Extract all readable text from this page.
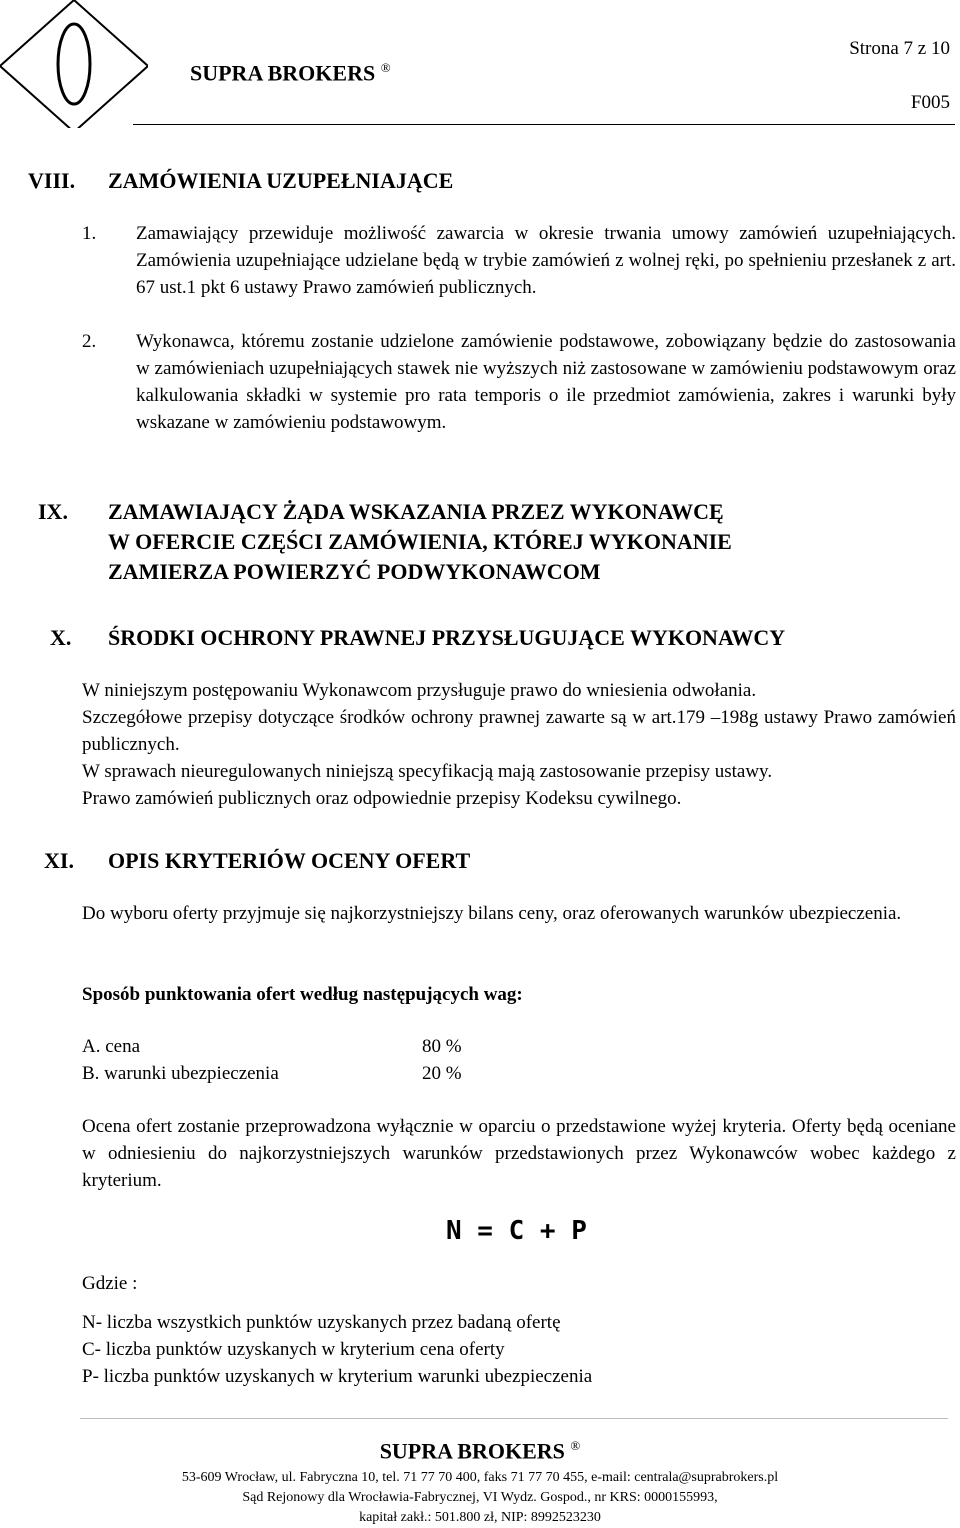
SUPRA BROKERS ®
Strona 7 z 10
F005
VIII. ZAMÓWIENIA UZUPEŁNIAJĄCE
1.	Zamawiający przewiduje możliwość zawarcia w okresie trwania umowy zamówień uzupełniających. Zamówienia uzupełniające udzielane będą w trybie zamówień z wolnej ręki, po spełnieniu przesłanek z art. 67 ust.1 pkt 6 ustawy Prawo zamówień publicznych.
2.	Wykonawca, któremu zostanie udzielone zamówienie podstawowe, zobowiązany będzie do zastosowania w zamówieniach uzupełniających stawek nie wyższych niż zastosowane w zamówieniu podstawowym oraz kalkulowania składki w systemie pro rata temporis o ile przedmiot zamówienia, zakres i warunki były wskazane w zamówieniu podstawowym.
IX. ZAMAWIAJĄCY ŻĄDA WSKAZANIA PRZEZ WYKONAWCĘ
W OFERCIE CZĘŚCI ZAMÓWIENIA, KTÓREJ WYKONANIE
ZAMIERZA POWIERZYĆ PODWYKONAWCOM
X. ŚRODKI OCHRONY PRAWNEJ PRZYSŁUGUJĄCE WYKONAWCY
W niniejszym postępowaniu Wykonawcom przysługuje prawo do wniesienia odwołania.
Szczegółowe przepisy dotyczące środków ochrony prawnej zawarte są w art.179 –198g ustawy Prawo zamówień publicznych.
W sprawach nieuregulowanych niniejszą specyfikacją mają zastosowanie przepisy ustawy.
Prawo zamówień publicznych oraz odpowiednie przepisy Kodeksu cywilnego.
XI. OPIS KRYTERIÓW OCENY OFERT
Do wyboru oferty przyjmuje się najkorzystniejszy bilans ceny, oraz oferowanych warunków ubezpieczenia.
Sposób punktowania ofert według następujących wag:
A. cena	80 %
B. warunki ubezpieczenia	20 %
Ocena ofert zostanie przeprowadzona wyłącznie w oparciu o przedstawione wyżej kryteria. Oferty będą oceniane w odniesieniu do najkorzystniejszych warunków przedstawionych przez Wykonawców wobec każdego z kryterium.
N = C + P
Gdzie :
N- liczba wszystkich punktów uzyskanych przez badaną ofertę
C- liczba punktów uzyskanych w kryterium cena oferty
P- liczba punktów uzyskanych w kryterium warunki ubezpieczenia
SUPRA BROKERS ®
53-609 Wrocław, ul. Fabryczna 10, tel. 71 77 70 400, faks 71 77 70 455, e-mail: centrala@suprabrokers.pl
Sąd Rejonowy dla Wrocławia-Fabrycznej, VI Wydz. Gospod., nr KRS: 0000155993,
kapitał zakł.: 501.800 zł, NIP: 8992523230
